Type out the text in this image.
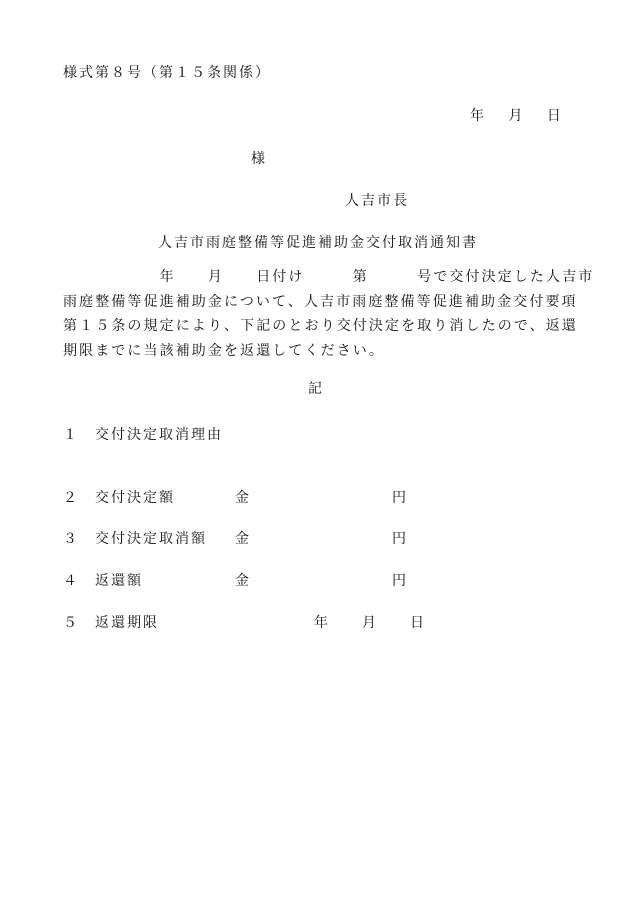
様式第８号（第１５条関係）
年　 月　 日
様
人吉市長
人吉市雨庭整備等促進補助金交付取消通知書
　　　　　　年　　月　　日付け　　　第　　　号で交付決定した人吉市
雨庭整備等促進補助金について、人吉市雨庭整備等促進補助金交付要項
第１５条の規定により、下記のとおり交付決定を取り消したので、返還
期限までに当該補助金を返還してください。
記
１ 交付決定取消理由
２ 交付決定額	金	円
３ 交付決定取消額 金	円
４ 返還額	金	円
５ 返還期限	年　　月　　日
